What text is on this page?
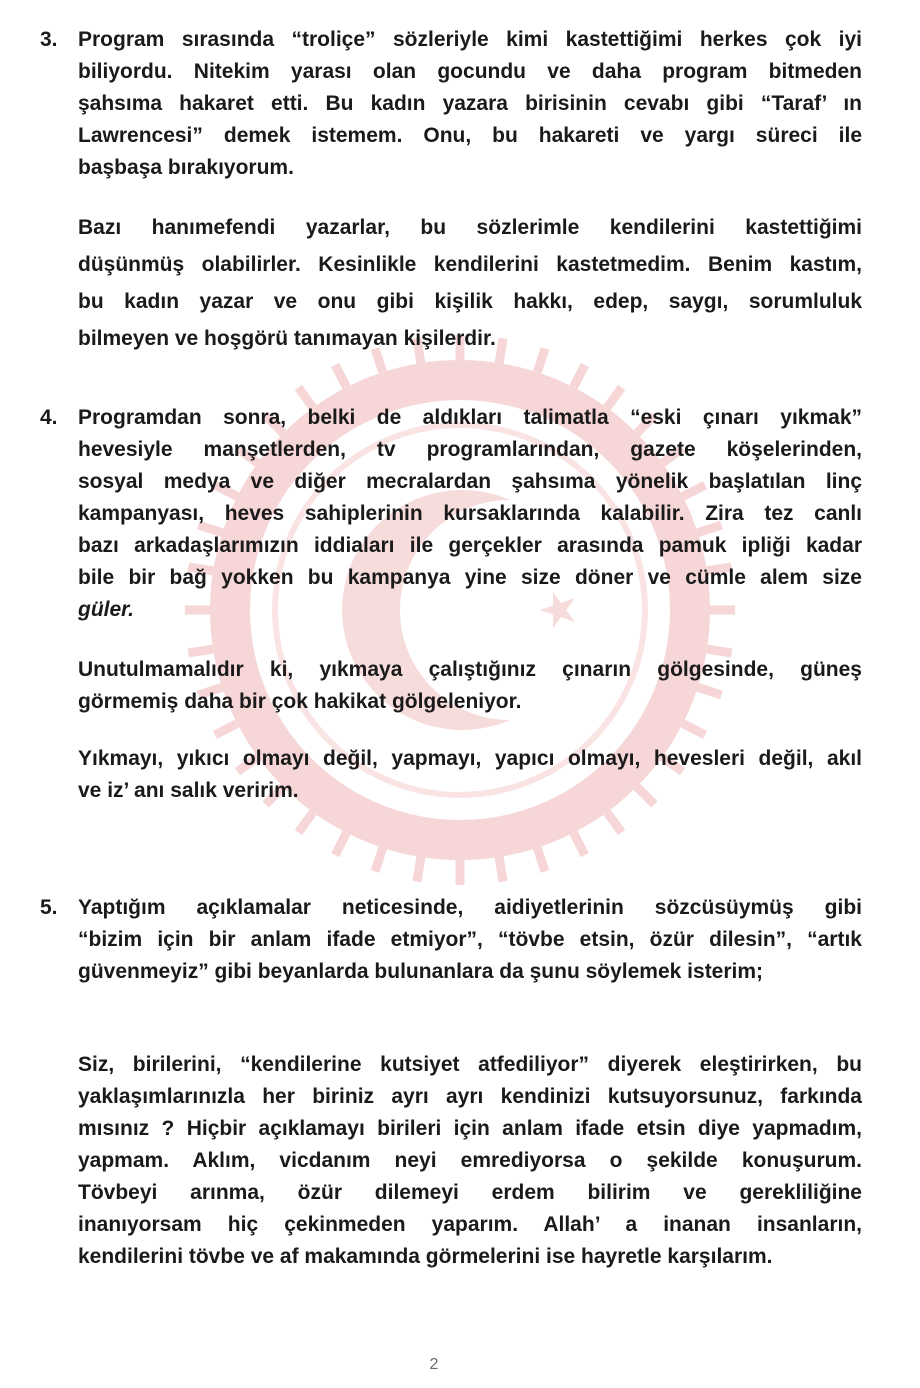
3. Program sırasında “troliçe” sözleriyle kimi kastettiğimi herkes çok iyi
biliyordu. Nitekim yarası olan gocundu ve daha program bitmeden
şahsıma hakaret etti. Bu kadın yazara birisinin cevabı gibi “Taraf’ ın
Lawrencesi” demek istemem. Onu, bu hakareti ve yargı süreci ile
başbaşa bırakıyorum.
Bazı hanımefendi yazarlar, bu sözlerimle kendilerini kastettiğimi
düşünmüş olabilirler. Kesinlikle kendilerini kastetmedim. Benim kastım,
bu kadın yazar ve onu gibi kişilik hakkı, edep, saygı, sorumluluk
bilmeyen ve hoşgörü tanımayan kişilerdir.
4. Programdan sonra, belki de aldıkları talimatla “eski çınarı yıkmak”
hevesiyle manşetlerden, tv programlarından, gazete köşelerinden,
sosyal medya ve diğer mecralardan şahsıma yönelik başlatılan linç
kampanyası, heves sahiplerinin kursaklarında kalabilir. Zira tez canlı
bazı arkadaşlarımızın iddiaları ile gerçekler arasında pamuk ipliği kadar
bile bir bağ yokken bu kampanya yine size döner ve cümle alem size
güler.
Unutulmamalıdır ki, yıkmaya çalıştığınız çınarın gölgesinde, güneş
görmemiş daha bir çok hakikat gölgeleniyor.
Yıkmayı, yıkıcı olmayı değil, yapmayı, yapıcı olmayı, hevesleri değil, akıl
ve iz’ anı salık veririm.
5. Yaptığım açıklamalar neticesinde, aidiyetlerinin sözcüsüymüş gibi
“bizim için bir anlam ifade etmiyor”, “tövbe etsin, özür dilesin”, “artık
güvenmeyiz” gibi beyanlarda bulunanlara da şunu söylemek isterim;
Siz, birilerini, “kendilerine kutsiyet atfediliyor” diyerek eleştirirken, bu
yaklaşımlarınızla her biriniz ayrı ayrı kendinizi kutsuyorsunuz, farkında
mısınız ? Hiçbir açıklamayı birileri için anlam ifade etsin diye yapmadım,
yapmam. Aklım, vicdanım neyi emrediyorsa o şekilde konuşurum.
Tövbeyi arınma, özür dilemeyi erdem bilirim ve gerekliliğine
inanıyorsam hiç çekinmeden yaparım. Allah’ a inanan insanların,
kendilerini tövbe ve af makamında görmelerini ise hayretle karşılarım.
2
